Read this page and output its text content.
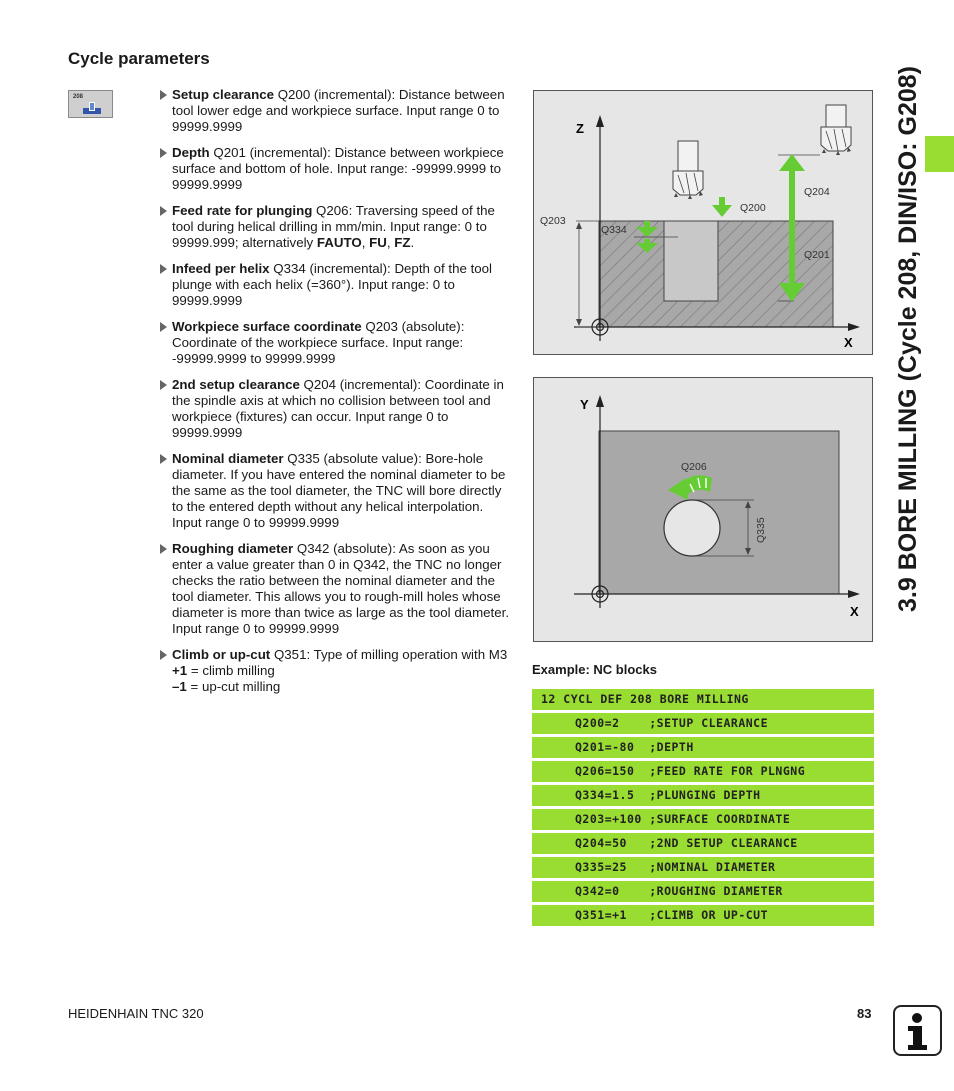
Cycle parameters
208	Setup clearance Q200 (incremental): Distance between tool lower edge and workpiece surface. Input range 0 to 99999.9999
Depth Q201 (incremental): Distance between workpiece surface and bottom of hole. Input range: -99999.9999 to 99999.9999
Feed rate for plunging Q206: Traversing speed of the tool during helical drilling in mm/min. Input range: 0 to 99999.999; alternatively FAUTO, FU, FZ.
Infeed per helix Q334 (incremental): Depth of the tool plunge with each helix (=360°). Input range: 0 to 99999.9999
Workpiece surface coordinate Q203 (absolute): Coordinate of the workpiece surface. Input range: -99999.9999 to 99999.9999
2nd setup clearance Q204 (incremental): Coordinate in the spindle axis at which no collision between tool and workpiece (fixtures) can occur. Input range 0 to 99999.9999
Nominal diameter Q335 (absolute value): Bore-hole diameter. If you have entered the nominal diameter to be the same as the tool diameter, the TNC will bore directly to the entered depth without any helical interpolation. Input range 0 to 99999.9999
Roughing diameter Q342 (absolute): As soon as you enter a value greater than 0 in Q342, the TNC no longer checks the ratio between the nominal diameter and the tool diameter. This allows you to rough-mill holes whose diameter is more than twice as large as the tool diameter. Input range 0 to 99999.9999
Climb or up-cut Q351: Type of milling operation with M3
+1 = climb milling
–1 = up-cut milling
Z
X
Q203
Q200
Q334
Q204
Q201
Y
X
Q335
Q206
Example: NC blocks
12 CYCL DEF 208 BORE MILLING
Q200=2    ;SETUP CLEARANCE
Q201=-80  ;DEPTH
Q206=150  ;FEED RATE FOR PLNGNG
Q334=1.5  ;PLUNGING DEPTH
Q203=+100 ;SURFACE COORDINATE
Q204=50   ;2ND SETUP CLEARANCE
Q335=25   ;NOMINAL DIAMETER
Q342=0    ;ROUGHING DIAMETER
Q351=+1   ;CLIMB OR UP-CUT
3.9 BORE MILLING (Cycle 208, DIN/ISO: G208)
HEIDENHAIN TNC 320	83
